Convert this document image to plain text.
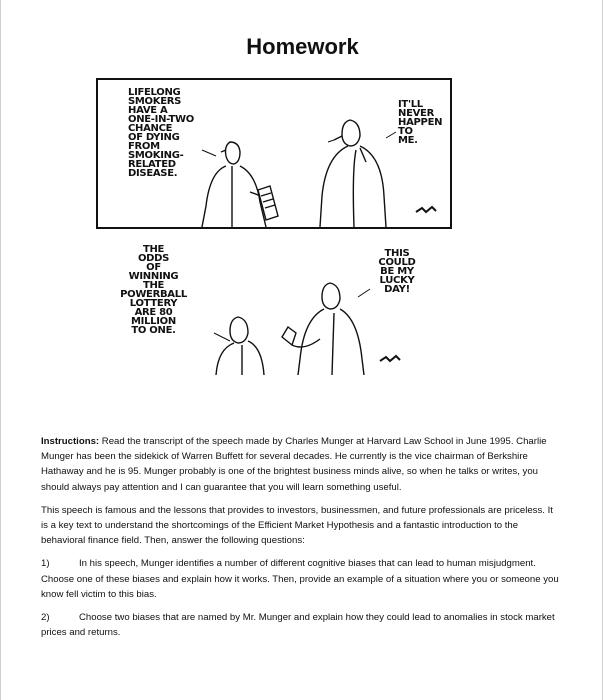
Homework
LIFELONG
SMOKERS
HAVE A
ONE-IN-TWO
CHANCE
OF DYING
FROM
SMOKING-
RELATED
DISEASE.
IT'LL
NEVER
HAPPEN
TO
ME.
THE
ODDS
OF
WINNING
THE
POWERBALL
LOTTERY
ARE 80
MILLION
TO ONE.
THIS
COULD
BE MY
LUCKY
DAY!

Instructions: Read the transcript of the speech made by Charles Munger at Harvard Law School in June 1995. Charlie Munger has been the sidekick of Warren Buffett for several decades. He currently is the vice chairman of Berkshire Hathaway and he is 95. Munger probably is one of the brightest business minds alive, so when he talks or writes, you should always pay attention and I can guarantee that you will learn something useful.

This speech is famous and the lessons that provides to investors, businessmen, and future professionals are priceless. It is a key text to understand the shortcomings of the Efficient Market Hypothesis and a fantastic introduction to the behavioral finance field. Then, answer the following questions:

1)	In his speech, Munger identifies a number of different cognitive biases that can lead to human misjudgment. Choose one of these biases and explain how it works. Then, provide an example of a situation where you or someone you know fell victim to this bias.

2)	Choose two biases that are named by Mr. Munger and explain how they could lead to anomalies in stock market prices and returns.
